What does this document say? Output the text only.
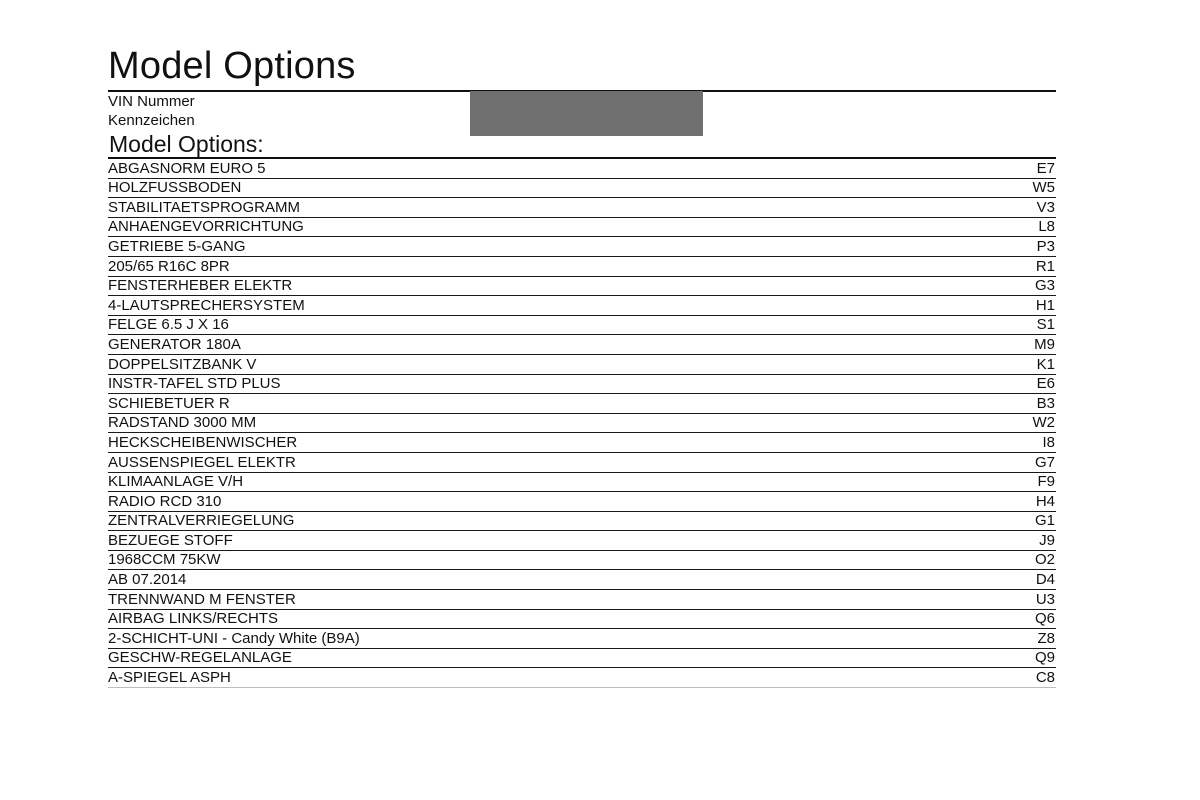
Model Options
VIN Nummer
Kennzeichen
Model Options:
ABGASNORM EURO 5	E7
HOLZFUSSBODEN	W5
STABILITAETSPROGRAMM	V3
ANHAENGEVORRICHTUNG	L8
GETRIEBE 5-GANG	P3
205/65 R16C 8PR	R1
FENSTERHEBER ELEKTR	G3
4-LAUTSPRECHERSYSTEM	H1
FELGE 6.5 J X 16	S1
GENERATOR 180A	M9
DOPPELSITZBANK V	K1
INSTR-TAFEL STD PLUS	E6
SCHIEBETUER R	B3
RADSTAND 3000 MM	W2
HECKSCHEIBENWISCHER	I8
AUSSENSPIEGEL ELEKTR	G7
KLIMAANLAGE V/H	F9
RADIO RCD 310	H4
ZENTRALVERRIEGELUNG	G1
BEZUEGE STOFF	J9
1968CCM 75KW	O2
AB 07.2014	D4
TRENNWAND M FENSTER	U3
AIRBAG LINKS/RECHTS	Q6
2-SCHICHT-UNI - Candy White (B9A)	Z8
GESCHW-REGELANLAGE	Q9
A-SPIEGEL ASPH	C8
